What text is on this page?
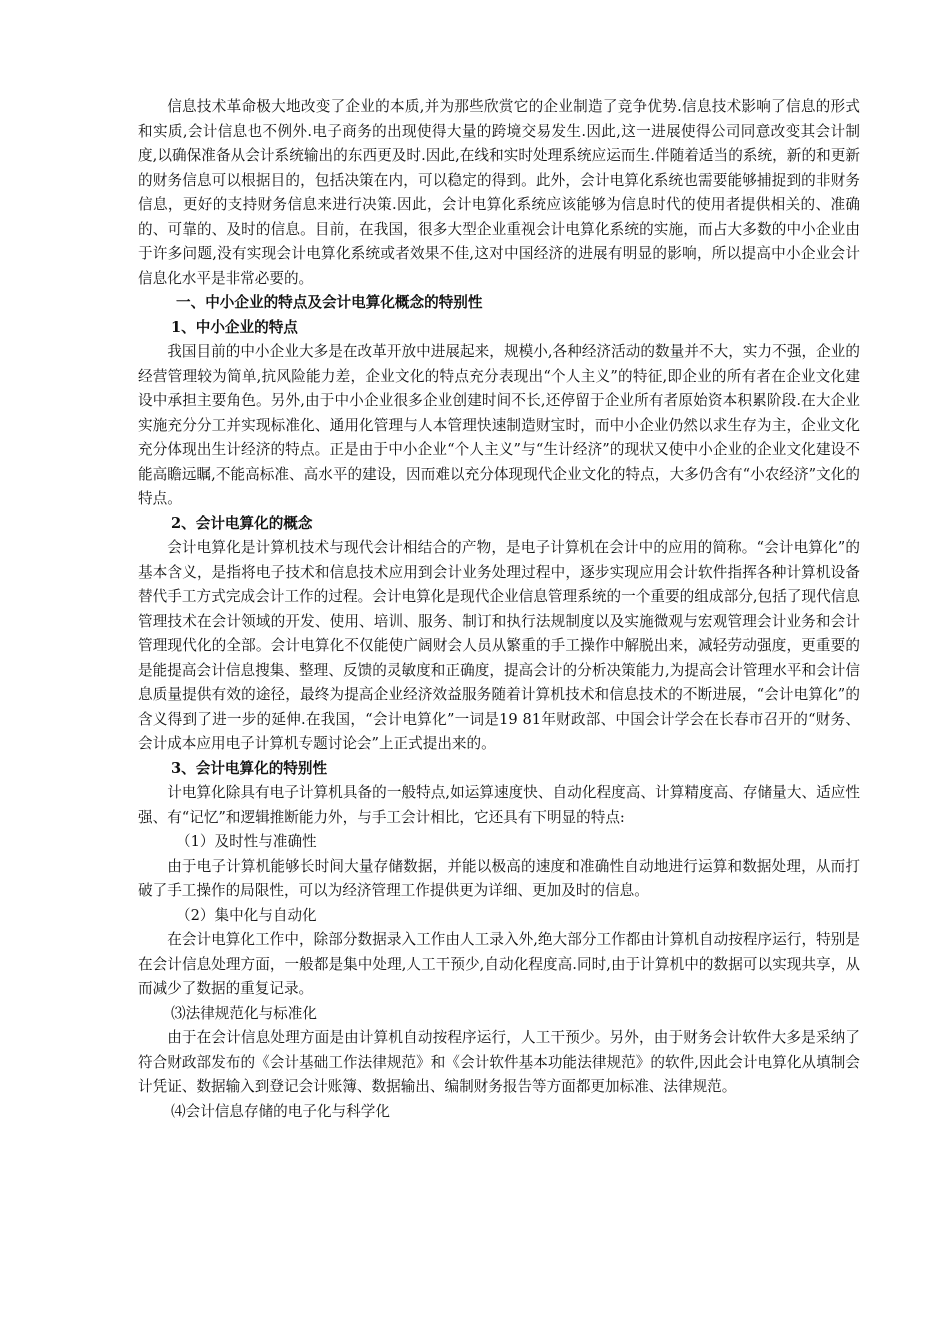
信息技术革命极大地改变了企业的本质,并为那些欣赏它的企业制造了竞争优势.信息技术影响了信息的形式和实质,会计信息也不例外.电子商务的出现使得大量的跨境交易发生.因此,这一进展使得公司同意改变其会计制度,以确保准备从会计系统输出的东西更及时.因此,在线和实时处理系统应运而生.伴随着适当的系统，新的和更新的财务信息可以根据目的，包括决策在内，可以稳定的得到。此外，会计电算化系统也需要能够捕捉到的非财务信息，更好的支持财务信息来进行决策.因此，会计电算化系统应该能够为信息时代的使用者提供相关的、准确的、可靠的、及时的信息。目前，在我国，很多大型企业重视会计电算化系统的实施，而占大多数的中小企业由于许多问题,没有实现会计电算化系统或者效果不佳,这对中国经济的进展有明显的影响，所以提高中小企业会计信息化水平是非常必要的。

一、中小企业的特点及会计电算化概念的特别性

1、中小企业的特点

我国目前的中小企业大多是在改革开放中进展起来，规模小,各种经济活动的数量并不大，实力不强，企业的经营管理较为简单,抗风险能力差，企业文化的特点充分表现出“个人主义”的特征,即企业的所有者在企业文化建设中承担主要角色。另外,由于中小企业很多企业创建时间不长,还停留于企业所有者原始资本积累阶段.在大企业实施充分分工并实现标准化、通用化管理与人本管理快速制造财宝时，而中小企业仍然以求生存为主，企业文化充分体现出生计经济的特点。正是由于中小企业“个人主义”与“生计经济”的现状又使中小企业的企业文化建设不能高瞻远瞩,不能高标准、高水平的建设，因而难以充分体现现代企业文化的特点，大多仍含有“小农经济”文化的特点。

2、会计电算化的概念

会计电算化是计算机技术与现代会计相结合的产物，是电子计算机在会计中的应用的简称。“会计电算化”的基本含义，是指将电子技术和信息技术应用到会计业务处理过程中，逐步实现应用会计软件指挥各种计算机设备替代手工方式完成会计工作的过程。会计电算化是现代企业信息管理系统的一个重要的组成部分,包括了现代信息管理技术在会计领域的开发、使用、培训、服务、制订和执行法规制度以及实施微观与宏观管理会计业务和会计管理现代化的全部。会计电算化不仅能使广阔财会人员从繁重的手工操作中解脱出来，减轻劳动强度，更重要的是能提高会计信息搜集、整理、反馈的灵敏度和正确度，提高会计的分析决策能力,为提高会计管理水平和会计信息质量提供有效的途径，最终为提高企业经济效益服务随着计算机技术和信息技术的不断进展，“会计电算化”的含义得到了进一步的延伸.在我国，“会计电算化”一词是19 81年财政部、中国会计学会在长春市召开的“财务、会计成本应用电子计算机专题讨论会”上正式提出来的。

3、会计电算化的特别性

计电算化除具有电子计算机具备的一般特点,如运算速度快、自动化程度高、计算精度高、存储量大、适应性强、有“记忆”和逻辑推断能力外，与手工会计相比，它还具有下明显的特点:

（1）及时性与准确性

由于电子计算机能够长时间大量存储数据，并能以极高的速度和准确性自动地进行运算和数据处理，从而打破了手工操作的局限性，可以为经济管理工作提供更为详细、更加及时的信息。

（2）集中化与自动化

在会计电算化工作中，除部分数据录入工作由人工录入外,绝大部分工作都由计算机自动按程序运行，特别是在会计信息处理方面，一般都是集中处理,人工干预少,自动化程度高.同时,由于计算机中的数据可以实现共享，从而减少了数据的重复记录。

⑶法律规范化与标准化

由于在会计信息处理方面是由计算机自动按程序运行，人工干预少。另外，由于财务会计软件大多是采纳了符合财政部发布的《会计基础工作法律规范》和《会计软件基本功能法律规范》的软件,因此会计电算化从填制会计凭证、数据输入到登记会计账簿、数据输出、编制财务报告等方面都更加标准、法律规范。

⑷会计信息存储的电子化与科学化
